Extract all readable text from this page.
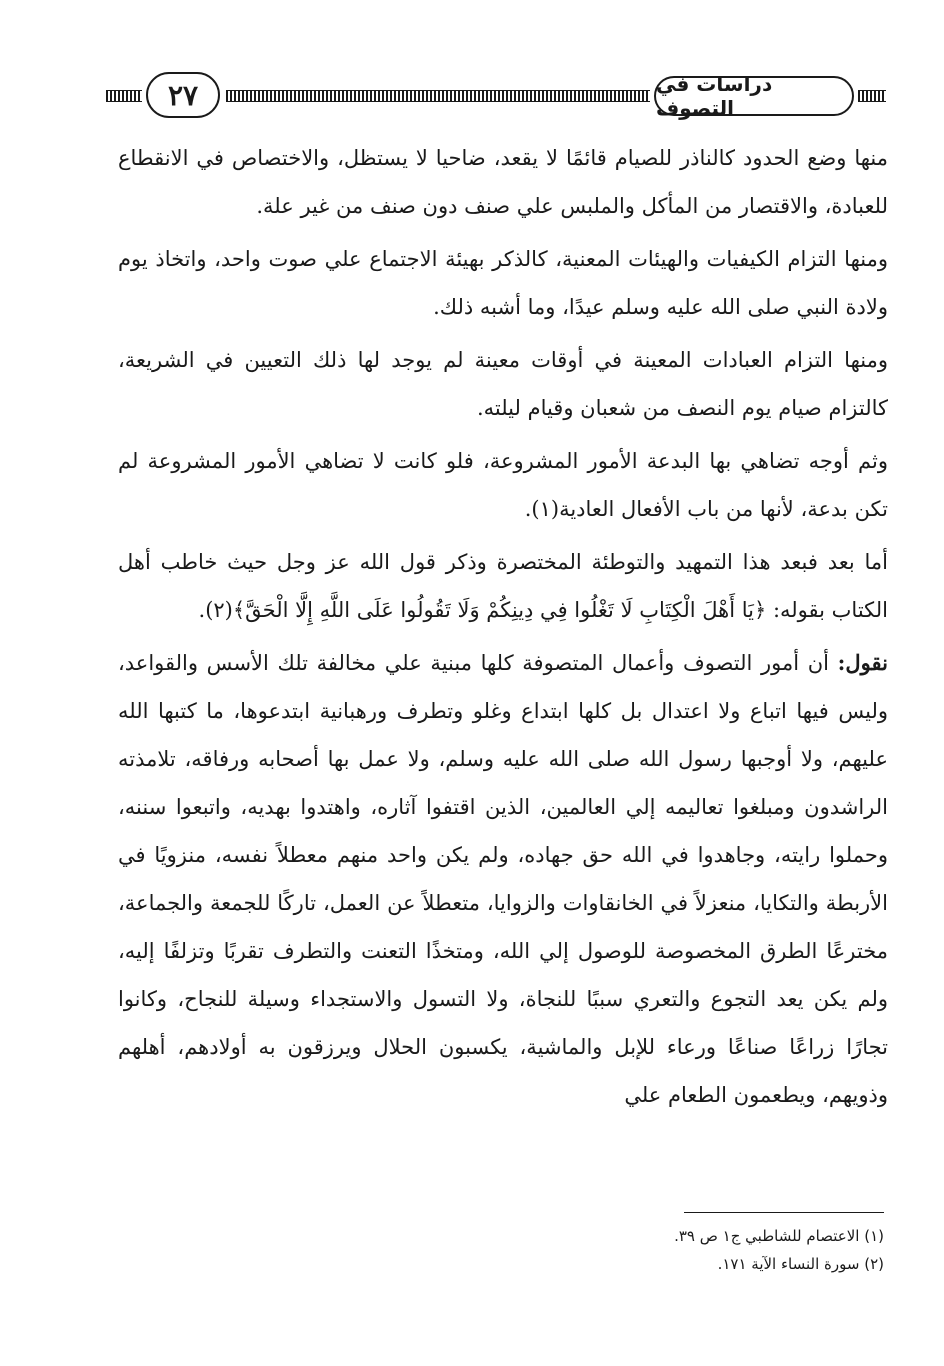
٢٧	دراسات في التصوف

منها وضع الحدود كالناذر للصيام قائمًا لا يقعد، ضاحيا لا يستظل، والاختصاص في الانقطاع للعبادة، والاقتصار من المأكل والملبس علي صنف دون صنف من غير علة.

ومنها التزام الكيفيات والهيئات المعنية، كالذكر بهيئة الاجتماع علي صوت واحد، واتخاذ يوم ولادة النبي صلى الله عليه وسلم عيدًا، وما أشبه ذلك.

ومنها التزام العبادات المعينة في أوقات معينة لم يوجد لها ذلك التعيين في الشريعة، كالتزام صيام يوم النصف من شعبان وقيام ليلته.

وثم أوجه تضاهي بها البدعة الأمور المشروعة، فلو كانت لا تضاهي الأمور المشروعة لم تكن بدعة، لأنها من باب الأفعال العادية(١).

أما بعد فبعد هذا التمهيد والتوطئة المختصرة وذكر قول الله عز وجل حيث خاطب أهل الكتاب بقوله: ﴿يَا أَهْلَ الْكِتَابِ لَا تَغْلُوا فِي دِينِكُمْ وَلَا تَقُولُوا عَلَى اللَّهِ إِلَّا الْحَقَّ﴾(٢).

نقول: أن أمور التصوف وأعمال المتصوفة كلها مبنية علي مخالفة تلك الأسس والقواعد، وليس فيها اتباع ولا اعتدال بل كلها ابتداع وغلو وتطرف ورهبانية ابتدعوها، ما كتبها الله عليهم، ولا أوجبها رسول الله صلى الله عليه وسلم، ولا عمل بها أصحابه ورفاقه، تلامذته الراشدون ومبلغوا تعاليمه إلي العالمين، الذين اقتفوا آثاره، واهتدوا بهديه، واتبعوا سننه، وحملوا رايته، وجاهدوا في الله حق جهاده، ولم يكن واحد منهم معطلاً نفسه، منزويًا في الأربطة والتكايا، منعزلاً في الخانقاوات والزوايا، متعطلاً عن العمل، تاركًا للجمعة والجماعة، مخترعًا الطرق المخصوصة للوصول إلي الله، ومتخذًا التعنت والتطرف تقربًا وتزلفًا إليه، ولم يكن يعد التجوع والتعري سببًا للنجاة، ولا التسول والاستجداء وسيلة للنجاح، وكانوا تجارًا زراعًا صناعًا ورعاء للإبل والماشية، يكسبون الحلال ويرزقون به أولادهم، أهلهم وذويهم، ويطعمون الطعام علي

(١) الاعتصام للشاطبي ج١ ص ٣٩.
(٢) سورة النساء الآية ١٧١.
